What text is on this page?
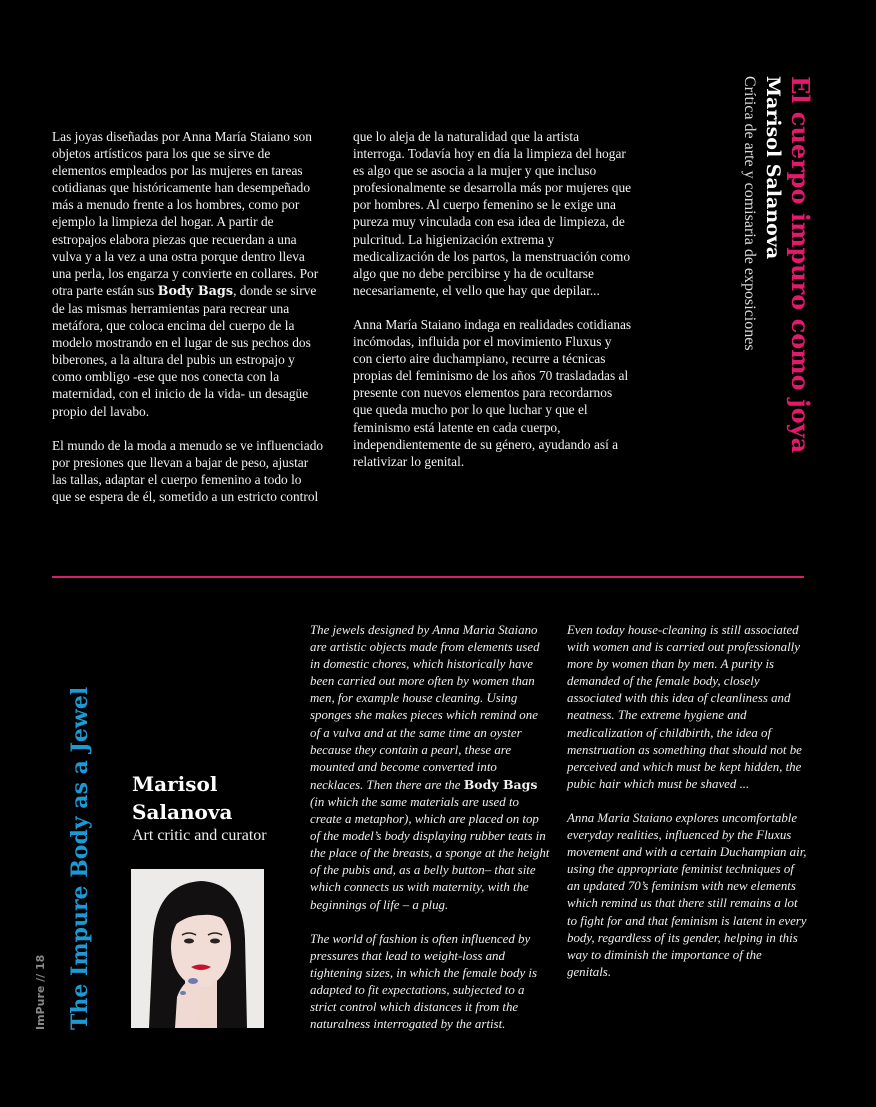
El cuerpo impuro como joya
Marisol Salanova
Crítica de arte y comisaria de exposiciones

Las joyas diseñadas por Anna María Staiano son objetos artísticos para los que se sirve de elementos empleados por las mujeres en tareas cotidianas que históricamente han desempeñado más a menudo frente a los hombres, como por ejemplo la limpieza del hogar. A partir de estropajos elabora piezas que recuerdan a una vulva y a la vez a una ostra porque dentro lleva una perla, los engarza y convierte en collares. Por otra parte están sus Body Bags, donde se sirve de las mismas herramientas para recrear una metáfora, que coloca encima del cuerpo de la modelo mostrando en el lugar de sus pechos dos biberones, a la altura del pubis un estropajo y como ombligo -ese que nos conecta con la maternidad, con el inicio de la vida- un desagüe propio del lavabo.

El mundo de la moda a menudo se ve influenciado por presiones que llevan a bajar de peso, ajustar las tallas, adaptar el cuerpo femenino a todo lo que se espera de él, sometido a un estricto control

que lo aleja de la naturalidad que la artista interroga. Todavía hoy en día la limpieza del hogar es algo que se asocia a la mujer y que incluso profesionalmente se desarrolla más por mujeres que por hombres. Al cuerpo femenino se le exige una pureza muy vinculada con esa idea de limpieza, de pulcritud. La higienización extrema y medicalización de los partos, la menstruación como algo que no debe percibirse y ha de ocultarse necesariamente, el vello que hay que depilar...

Anna María Staiano indaga en realidades cotidianas incómodas, influida por el movimiento Fluxus y con cierto aire duchampiano, recurre a técnicas propias del feminismo de los años 70 trasladadas al presente con nuevos elementos para recordarnos que queda mucho por lo que luchar y que el feminismo está latente en cada cuerpo, independientemente de su género, ayudando así a relativizar lo genital.

The Impure Body as a Jewel
ImPure // 18
Marisol
Salanova
Art critic and curator

The jewels designed by Anna Maria Staiano are artistic objects made from elements used in domestic chores, which historically have been carried out more often by women than men, for example house cleaning. Using sponges she makes pieces which remind one of a vulva and at the same time an oyster because they contain a pearl, these are mounted and become converted into necklaces. Then there are the Body Bags (in which the same materials are used to create a metaphor), which are placed on top of the model’s body displaying rubber teats in the place of the breasts, a sponge at the height of the pubis and, as a belly button– that site which connects us with maternity, with the beginnings of life – a plug.

The world of fashion is often influenced by pressures that lead to weight-loss and tightening sizes, in which the female body is adapted to fit expectations, subjected to a strict control which distances it from the naturalness interrogated by the artist.

Even today house-cleaning is still associated with women and is carried out professionally more by women than by men. A purity is demanded of the female body, closely associated with this idea of cleanliness and neatness. The extreme hygiene and medicalization of childbirth, the idea of menstruation as something that should not be perceived and which must be kept hidden, the pubic hair which must be shaved ...

Anna Maria Staiano explores uncomfortable everyday realities, influenced by the Fluxus movement and with a certain Duchampian air, using the appropriate feminist techniques of an updated 70’s feminism with new elements which remind us that there still remains a lot to fight for and that feminism is latent in every body, regardless of its gender, helping in this way to diminish the importance of the genitals.
